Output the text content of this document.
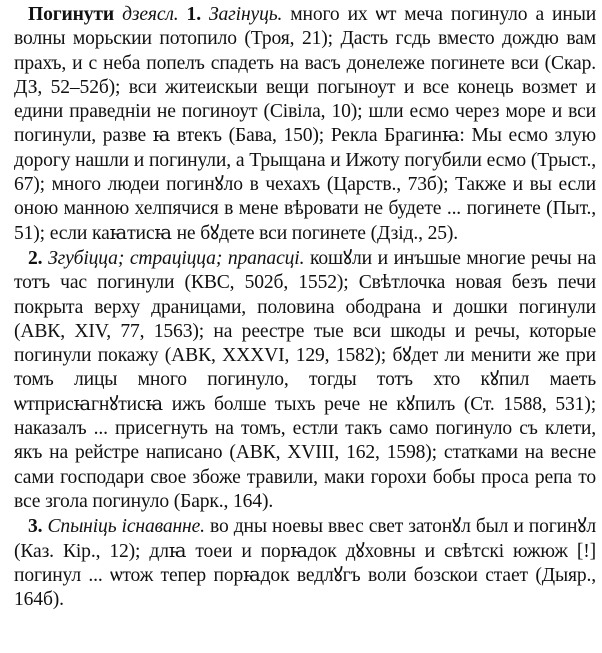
Погинути дзеясл. 1. Загінуць. много их ѡт меча погинуло а иныи волны морьскии потопило (Троя, 21); Дасть гсдь вместо дождю вам прахъ, и с неба попелъ спадеть на васъ донележе погинете вси (Скар. ДЗ, 52–52б); вси житеискыи вещи погыноут и все конець возмет и едини праведніи не погиноут (Сівіла, 10); шли есмо через море и вси погинули, разве ꙗ втекъ (Бава, 150); Рекла Брагинꙗ: Мы есмо злую дорогу нашли и погинули, а Трыщана и Ижоту погубили есмо (Трыст., 67); много людеи погинꙋло в чехахъ (Царств., 73б); Также и вы если оною манною хелпячися в мене вѣровати не будете ... погинете (Пыт., 51); если каꙗтисꙗ не бꙋдете вси погинете (Дзід., 25).

2. Згубіцца; страціцца; прапасці. кошꙋли и инъшые многие речы на тотъ час погинули (КВС, 502б, 1552); Свѣтлочка новая безъ печи покрыта верху драницами, половина ободрана и дошки погинули (АВК, XIV, 77, 1563); на реестре тые вси шкоды и речы, которые погинули покажу (АВК, XXXVI, 129, 1582); бꙋдет ли менити же при томъ лицы много погинуло, тогды тотъ хто кꙋпил маеть ѡтприсꙗгнꙋтисꙗ ижъ болше тыхъ рече не кꙋпилъ (Ст. 1588, 531); наказалъ ... присегнуть на томъ, естли такъ само погинуло съ клети, якъ на рейстре написано (АВК, XVIII, 162, 1598); статками на весне сами господари свое збоже травили, маки горохи бобы проса репа то все згола погинуло (Барк., 164).

3. Спыніць існаванне. во дны ноевы ввес свет затонꙋл был и погинꙋл (Каз. Кір., 12); длꙗ тоеи и порꙗдок дꙋховны и свѣтскі южюж [!] погинул ... ѡтож тепер порꙗдок ведлꙋгъ воли бозскои стает (Дыяр., 164б).
